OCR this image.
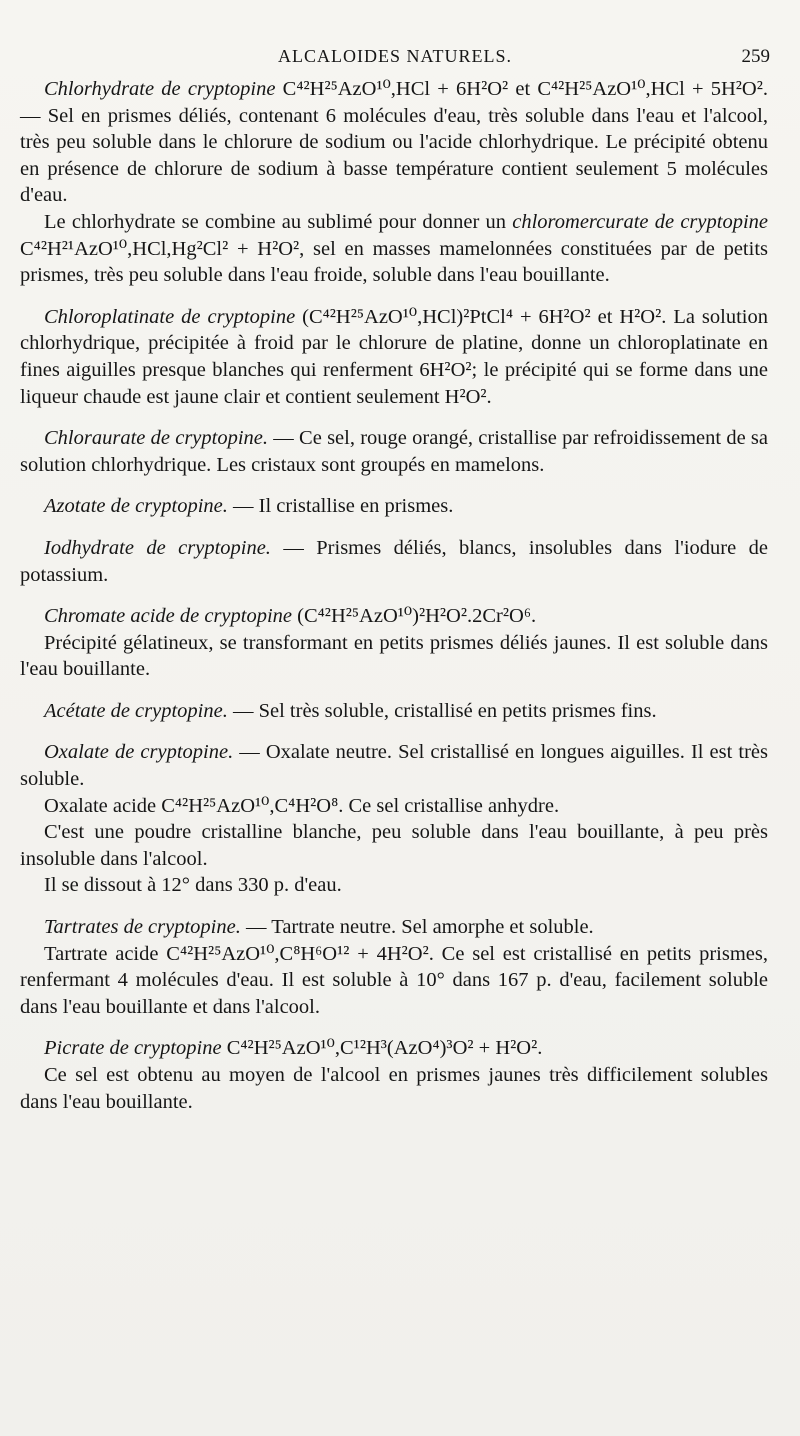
ALCALOIDES NATURELS.	259

Chlorhydrate de cryptopine C⁴²H²⁵AzO¹⁰,HCl + 6H²O² et C⁴²H²⁵AzO¹⁰,HCl + 5H²O². — Sel en prismes déliés, contenant 6 molécules d'eau, très soluble dans l'eau et l'alcool, très peu soluble dans le chlorure de sodium ou l'acide chlorhydrique. Le précipité obtenu en présence de chlorure de sodium à basse température contient seulement 5 molécules d'eau.

Le chlorhydrate se combine au sublimé pour donner un chloromercurate de cryptopine C⁴²H²¹AzO¹⁰,HCl,Hg²Cl² + H²O², sel en masses mamelonnées constituées par de petits prismes, très peu soluble dans l'eau froide, soluble dans l'eau bouillante.

Chloroplatinate de cryptopine (C⁴²H²⁵AzO¹⁰,HCl)²PtCl⁴ + 6H²O² et H²O². La solution chlorhydrique, précipitée à froid par le chlorure de platine, donne un chloroplatinate en fines aiguilles presque blanches qui renferment 6H²O²; le précipité qui se forme dans une liqueur chaude est jaune clair et contient seulement H²O².

Chloraurate de cryptopine. — Ce sel, rouge orangé, cristallise par refroidissement de sa solution chlorhydrique. Les cristaux sont groupés en mamelons.

Azotate de cryptopine. — Il cristallise en prismes.

Iodhydrate de cryptopine. — Prismes déliés, blancs, insolubles dans l'iodure de potassium.

Chromate acide de cryptopine (C⁴²H²⁵AzO¹⁰)²H²O².2Cr²O⁶.

Précipité gélatineux, se transformant en petits prismes déliés jaunes. Il est soluble dans l'eau bouillante.

Acétate de cryptopine. — Sel très soluble, cristallisé en petits prismes fins.

Oxalate de cryptopine. — Oxalate neutre. Sel cristallisé en longues aiguilles. Il est très soluble.

Oxalate acide C⁴²H²⁵AzO¹⁰,C⁴H²O⁸. Ce sel cristallise anhydre.

C'est une poudre cristalline blanche, peu soluble dans l'eau bouillante, à peu près insoluble dans l'alcool.

Il se dissout à 12° dans 330 p. d'eau.

Tartrates de cryptopine. — Tartrate neutre. Sel amorphe et soluble.

Tartrate acide C⁴²H²⁵AzO¹⁰,C⁸H⁶O¹² + 4H²O². Ce sel est cristallisé en petits prismes, renfermant 4 molécules d'eau. Il est soluble à 10° dans 167 p. d'eau, facilement soluble dans l'eau bouillante et dans l'alcool.

Picrate de cryptopine C⁴²H²⁵AzO¹⁰,C¹²H³(AzO⁴)³O² + H²O².

Ce sel est obtenu au moyen de l'alcool en prismes jaunes très difficilement solubles dans l'eau bouillante.
